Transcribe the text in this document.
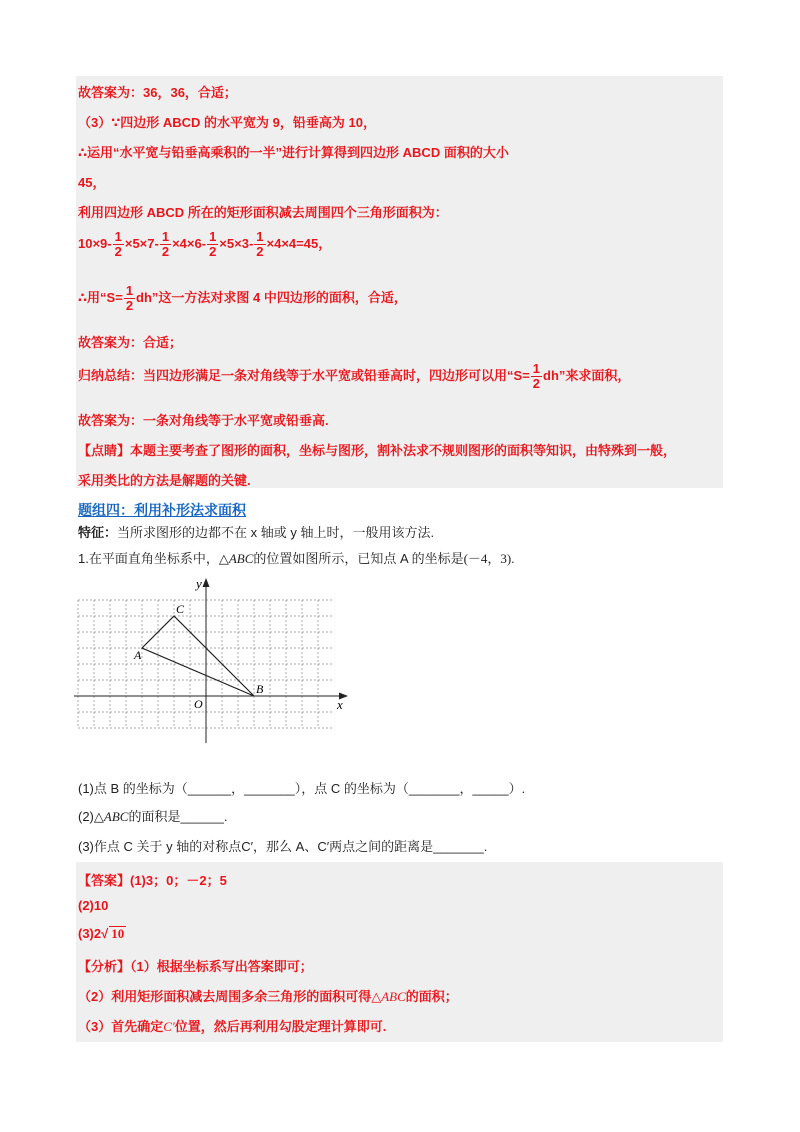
故答案为：36，36，合适；
（3）∵四边形 ABCD 的水平宽为 9，铅垂高为 10，
∴运用“水平宽与铅垂高乘积的一半”进行计算得到四边形 ABCD 面积的大小
45，
利用四边形 ABCD 所在的矩形面积减去周围四个三角形面积为：
$10\times 9- \frac{1}{2} \times 5\times 7- \frac{1}{2} \times 4\times 6- \frac{1}{2} \times 5\times 3- \frac{1}{2} \times 4\times 4=45$，
∴用“$S= \frac{1}{2}$ dh”这一方法对求图 4 中四边形的面积，合适，
故答案为：合适；
归纳总结：当四边形满足一条对角线等于水平宽或铅垂高时，四边形可以用“$S= \frac{1}{2}$ dh”来求面积，
故答案为：一条对角线等于水平宽或铅垂高.
【点睛】本题主要考查了图形的面积，坐标与图形，割补法求不规则图形的面积等知识，由特殊到一般，
采用类比的方法是解题的关键.
题组四：利用补形法求面积
特征：当所求图形的边都不在 x 轴或 y 轴上时，一般用该方法.
1.在平面直角坐标系中，△ABC的位置如图所示，已知点 A 的坐标是(－4，3).
y
x
O
A
B
C
(1)点 B 的坐标为（______，_______），点 C 的坐标为（_______，_____）.
(2)△ABC的面积是______.
(3)作点 C 关于 y 轴的对称点C′，那么 A、C′两点之间的距离是_______.
【答案】(1)3；0；－2；5
(2)10
(3)2√ 10
【分析】（1）根据坐标系写出答案即可；
（2）利用矩形面积减去周围多余三角形的面积可得△ABC的面积；
（3）首先确定C′位置，然后再利用勾股定理计算即可.
